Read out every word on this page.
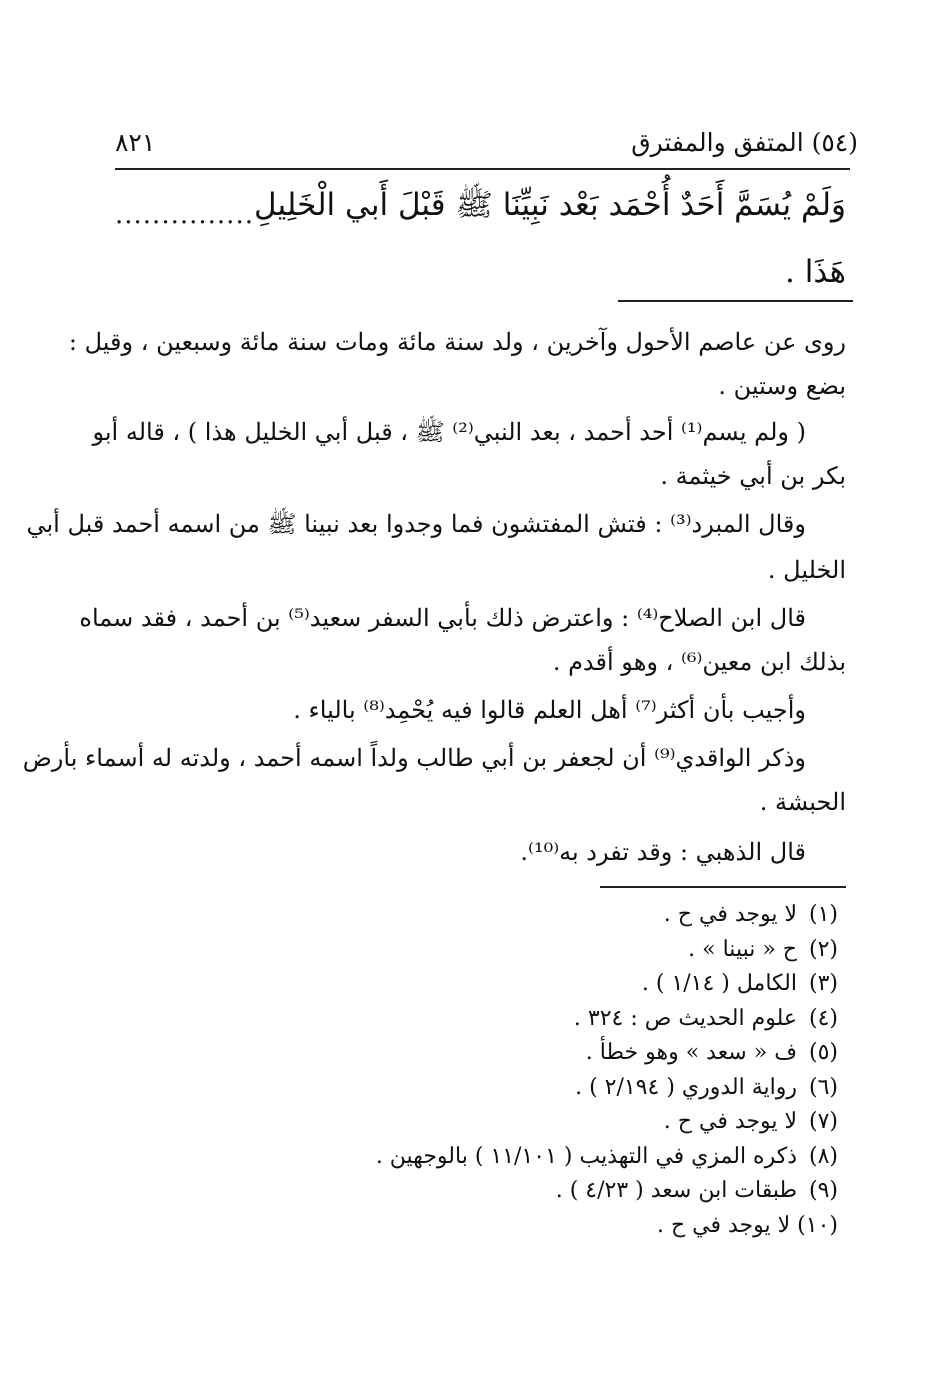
٨٢١	(٥٤) المتفق والمفترق
وَلَمْ يُسَمَّ أَحَدٌ أُحْمَد بَعْد نَبِيِّنَا ﷺ قَبْلَ أَبي الْخَلِيلِ
...............
هَذَا .
روى عن عاصم الأحول وآخرين ، ولد سنة مائة ومات سنة مائة وسبعين ، وقيل :
بضع وستين .
( ولم يسم⁽¹⁾ أحد أحمد ، بعد النبي⁽²⁾ ﷺ ، قبل أبي الخليل هذا ) ، قاله أبو
بكر بن أبي خيثمة .
وقال المبرد⁽³⁾ : فتش المفتشون فما وجدوا بعد نبينا ﷺ من اسمه أحمد قبل أبي
الخليل .
قال ابن الصلاح⁽⁴⁾ : واعترض ذلك بأبي السفر سعيد⁽⁵⁾ بن أحمد ، فقد سماه
بذلك ابن معين⁽⁶⁾ ، وهو أقدم .
وأجيب بأن أكثر⁽⁷⁾ أهل العلم قالوا فيه يُحْمِد⁽⁸⁾ بالياء .
وذكر الواقدي⁽⁹⁾ أن لجعفر بن أبي طالب ولداً اسمه أحمد ، ولدته له أسماء بأرض
الحبشة .
قال الذهبي : وقد تفرد به⁽¹⁰⁾.
(١) لا يوجد في ح .
(٢) ح « نبينا » .
(٣) الكامل ( ١/١٤ ) .
(٤) علوم الحديث ص : ٣٢٤ .
(٥) ف « سعد » وهو خطأ .
(٦) رواية الدوري ( ٢/١٩٤ ) .
(٧) لا يوجد في ح .
(٨) ذكره المزي في التهذيب ( ١١/١٠١ ) بالوجهين .
(٩) طبقات ابن سعد ( ٤/٢٣ ) .
(١٠) لا يوجد في ح .
